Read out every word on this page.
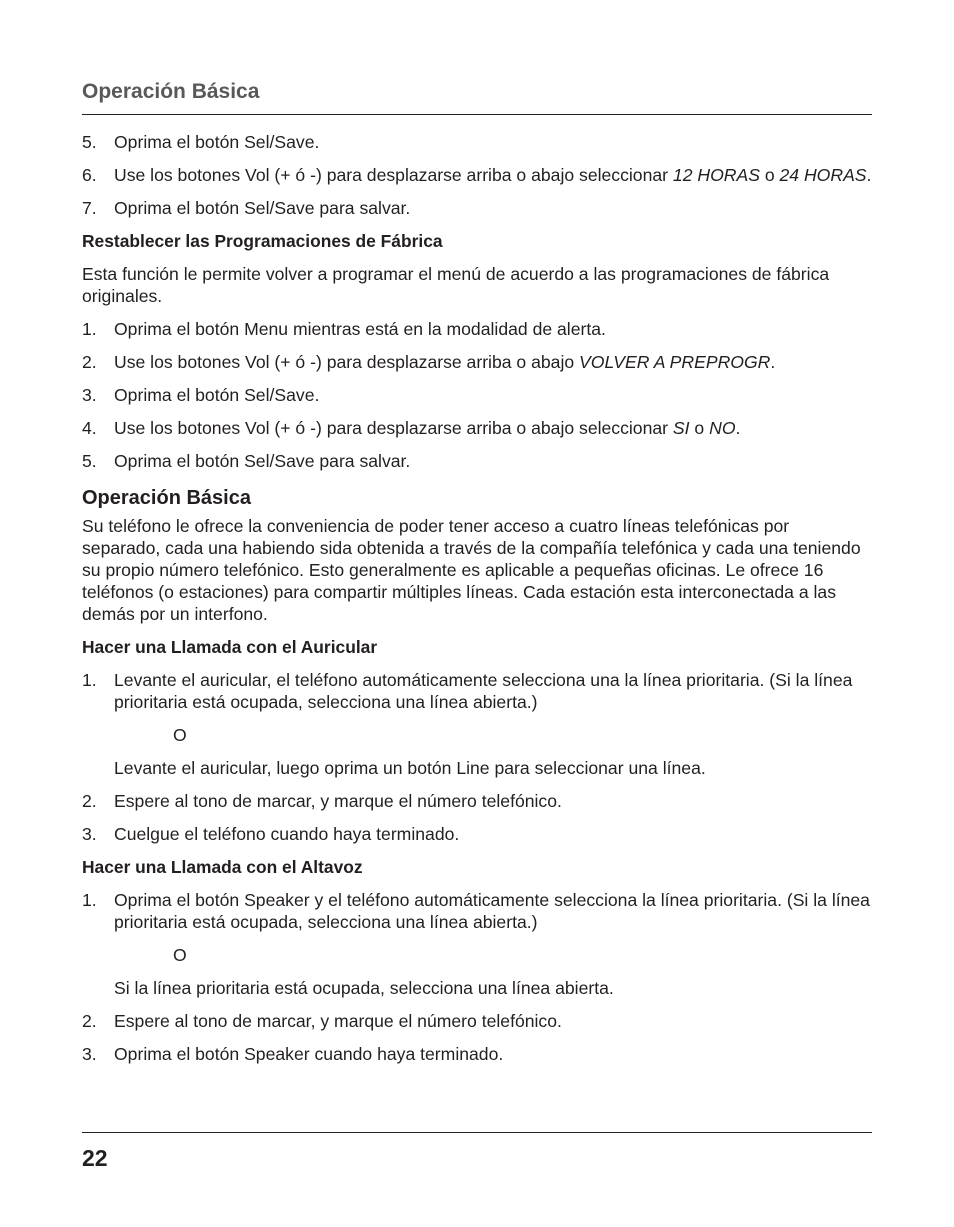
Operación Básica
5. Oprima el botón Sel/Save.
6. Use los botones Vol (+ ó -) para desplazarse arriba o abajo seleccionar 12 HORAS o 24 HORAS.
7. Oprima el botón Sel/Save para salvar.
Restablecer las Programaciones de Fábrica
Esta función le permite volver a programar el menú de acuerdo a las programaciones de fábrica originales.
1. Oprima el botón Menu mientras está en la modalidad de alerta.
2. Use los botones Vol (+ ó -) para desplazarse arriba o abajo VOLVER A PREPROGR.
3. Oprima el botón Sel/Save.
4. Use los botones Vol (+ ó -) para desplazarse arriba o abajo seleccionar SI o NO.
5. Oprima el botón Sel/Save para salvar.
Operación Básica
Su teléfono le ofrece la conveniencia de poder tener acceso a cuatro líneas telefónicas por separado, cada una habiendo sida obtenida a través de la compañía telefónica y cada una teniendo su propio número telefónico. Esto generalmente es aplicable a pequeñas oficinas. Le ofrece 16 teléfonos (o estaciones) para compartir múltiples líneas. Cada estación esta interconectada a las demás por un interfono.
Hacer una Llamada con el Auricular
1. Levante el auricular, el teléfono automáticamente selecciona una la línea prioritaria. (Si la línea prioritaria está ocupada, selecciona una línea abierta.)
O
Levante el auricular, luego oprima un botón Line para seleccionar una línea.
2. Espere al tono de marcar, y marque el número telefónico.
3. Cuelgue el teléfono cuando haya terminado.
Hacer una Llamada con el Altavoz
1. Oprima el botón Speaker y el teléfono automáticamente selecciona la línea prioritaria. (Si la línea prioritaria está ocupada, selecciona una línea abierta.)
O
Si la línea prioritaria está ocupada, selecciona una línea abierta.
2. Espere al tono de marcar, y marque el número telefónico.
3. Oprima el botón Speaker cuando haya terminado.
22
